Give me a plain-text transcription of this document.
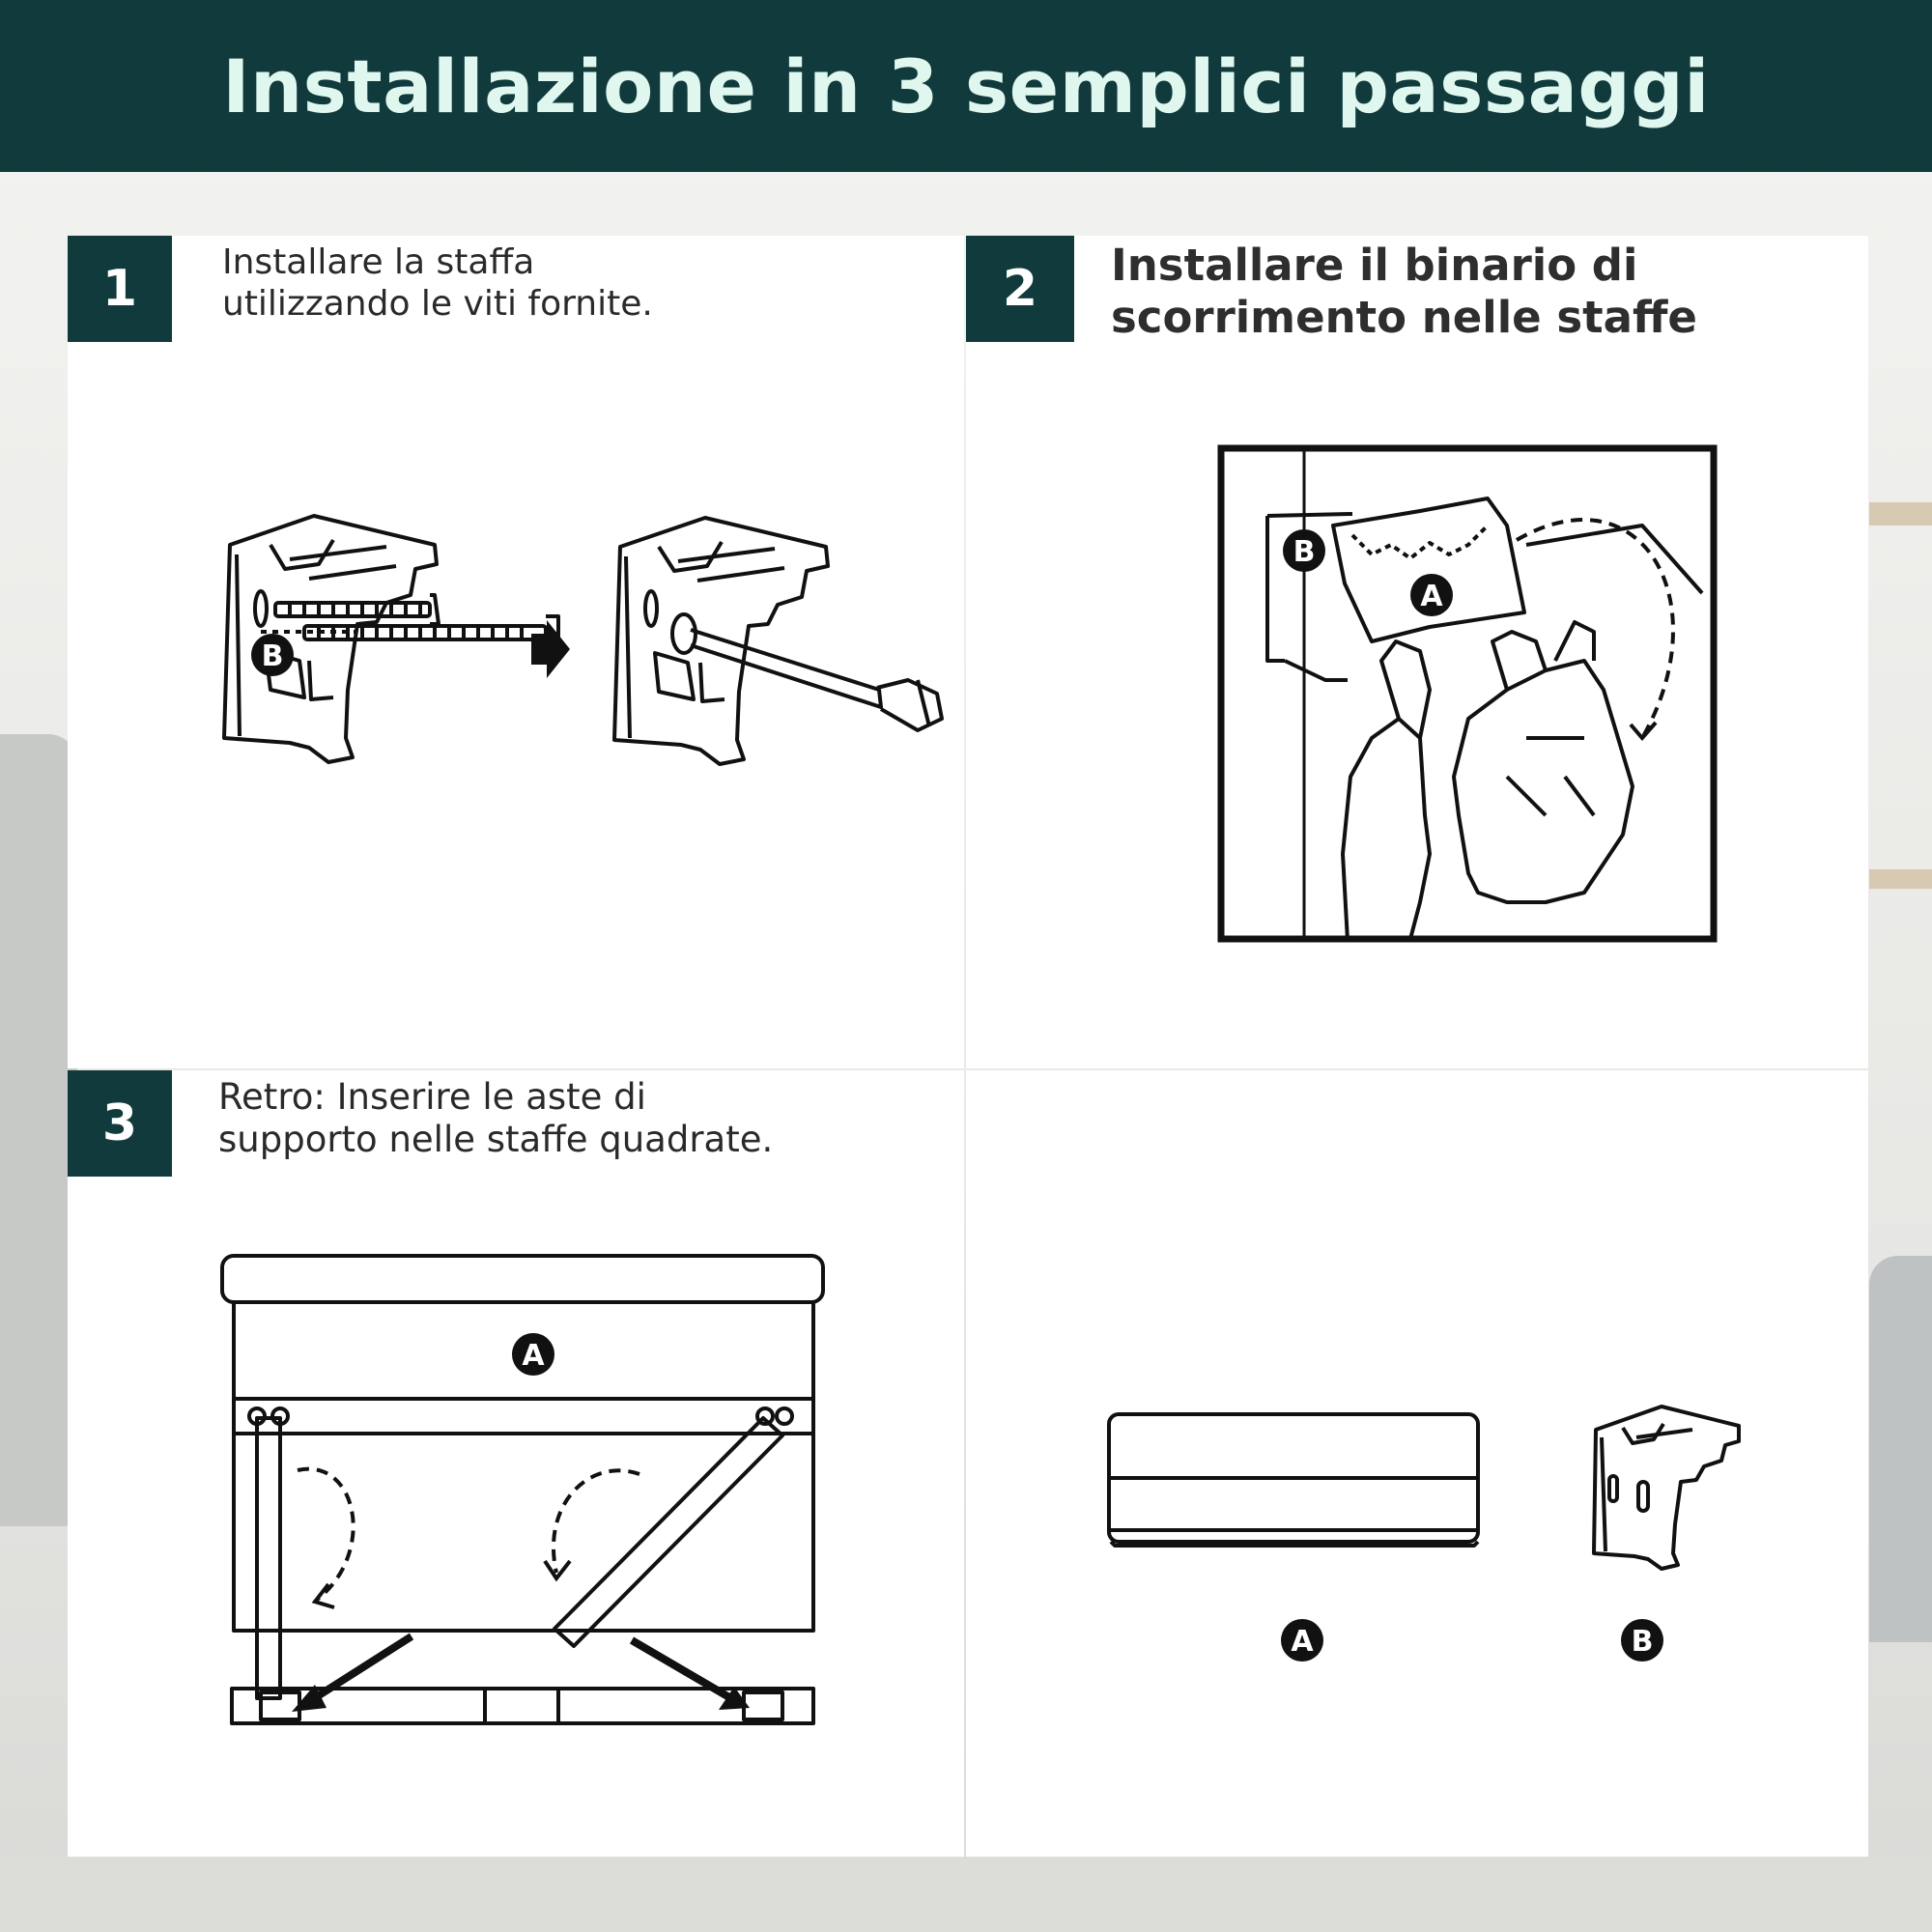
Installazione in 3 semplici passaggi
1	Installare la staffa
utilizzando le viti fornite.
B
2	Installare il binario di
scorrimento nelle staffe
B
A
3	Retro: Inserire le aste di
supporto nelle staffe quadrate.
A
A	B
